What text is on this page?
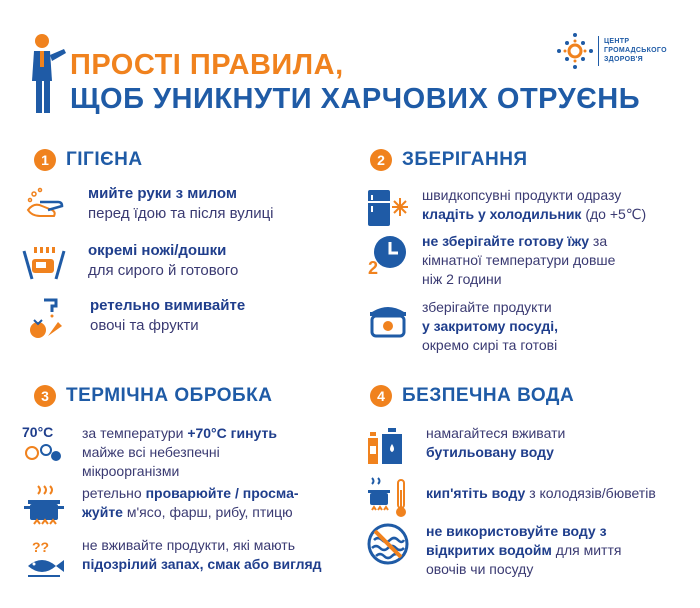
ПРОСТІ ПРАВИЛА,
ЩОБ УНИКНУТИ ХАРЧОВИХ ОТРУЄНЬ
ЦЕНТР
ГРОМАДСЬКОГО
ЗДОРОВ'Я
1 ГІГІЄНА
мийте руки з милом
перед їдою та після вулиці
окремі ножі/дошки
для сирого й готового
ретельно вимивайте
овочі та фрукти
2 ЗБЕРІГАННЯ
швидкопсувні продукти одразу
кладіть у холодильник (до +5℃)
2
не зберігайте готову їжу за
кімнатної температури довше
ніж 2 години
зберігайте продукти
у закритому посуді,
окремо сирі та готові
3 ТЕРМІЧНА ОБРОБКА
70°C	за температури +70°С гинуть
майже всі небезпечні
мікроорганізми
ретельно проварюйте / просма-
жуйте м'ясо, фарш, рибу, птицю
?? не вживайте продукти, які мають
підозрілий запах, смак або вигляд
4 БЕЗПЕЧНА ВОДА
намагайтеся вживати
бутильовану воду
кип'ятіть воду з колодязів/бюветів
не використовуйте воду з
відкритих водойм для миття
овочів чи посуду
